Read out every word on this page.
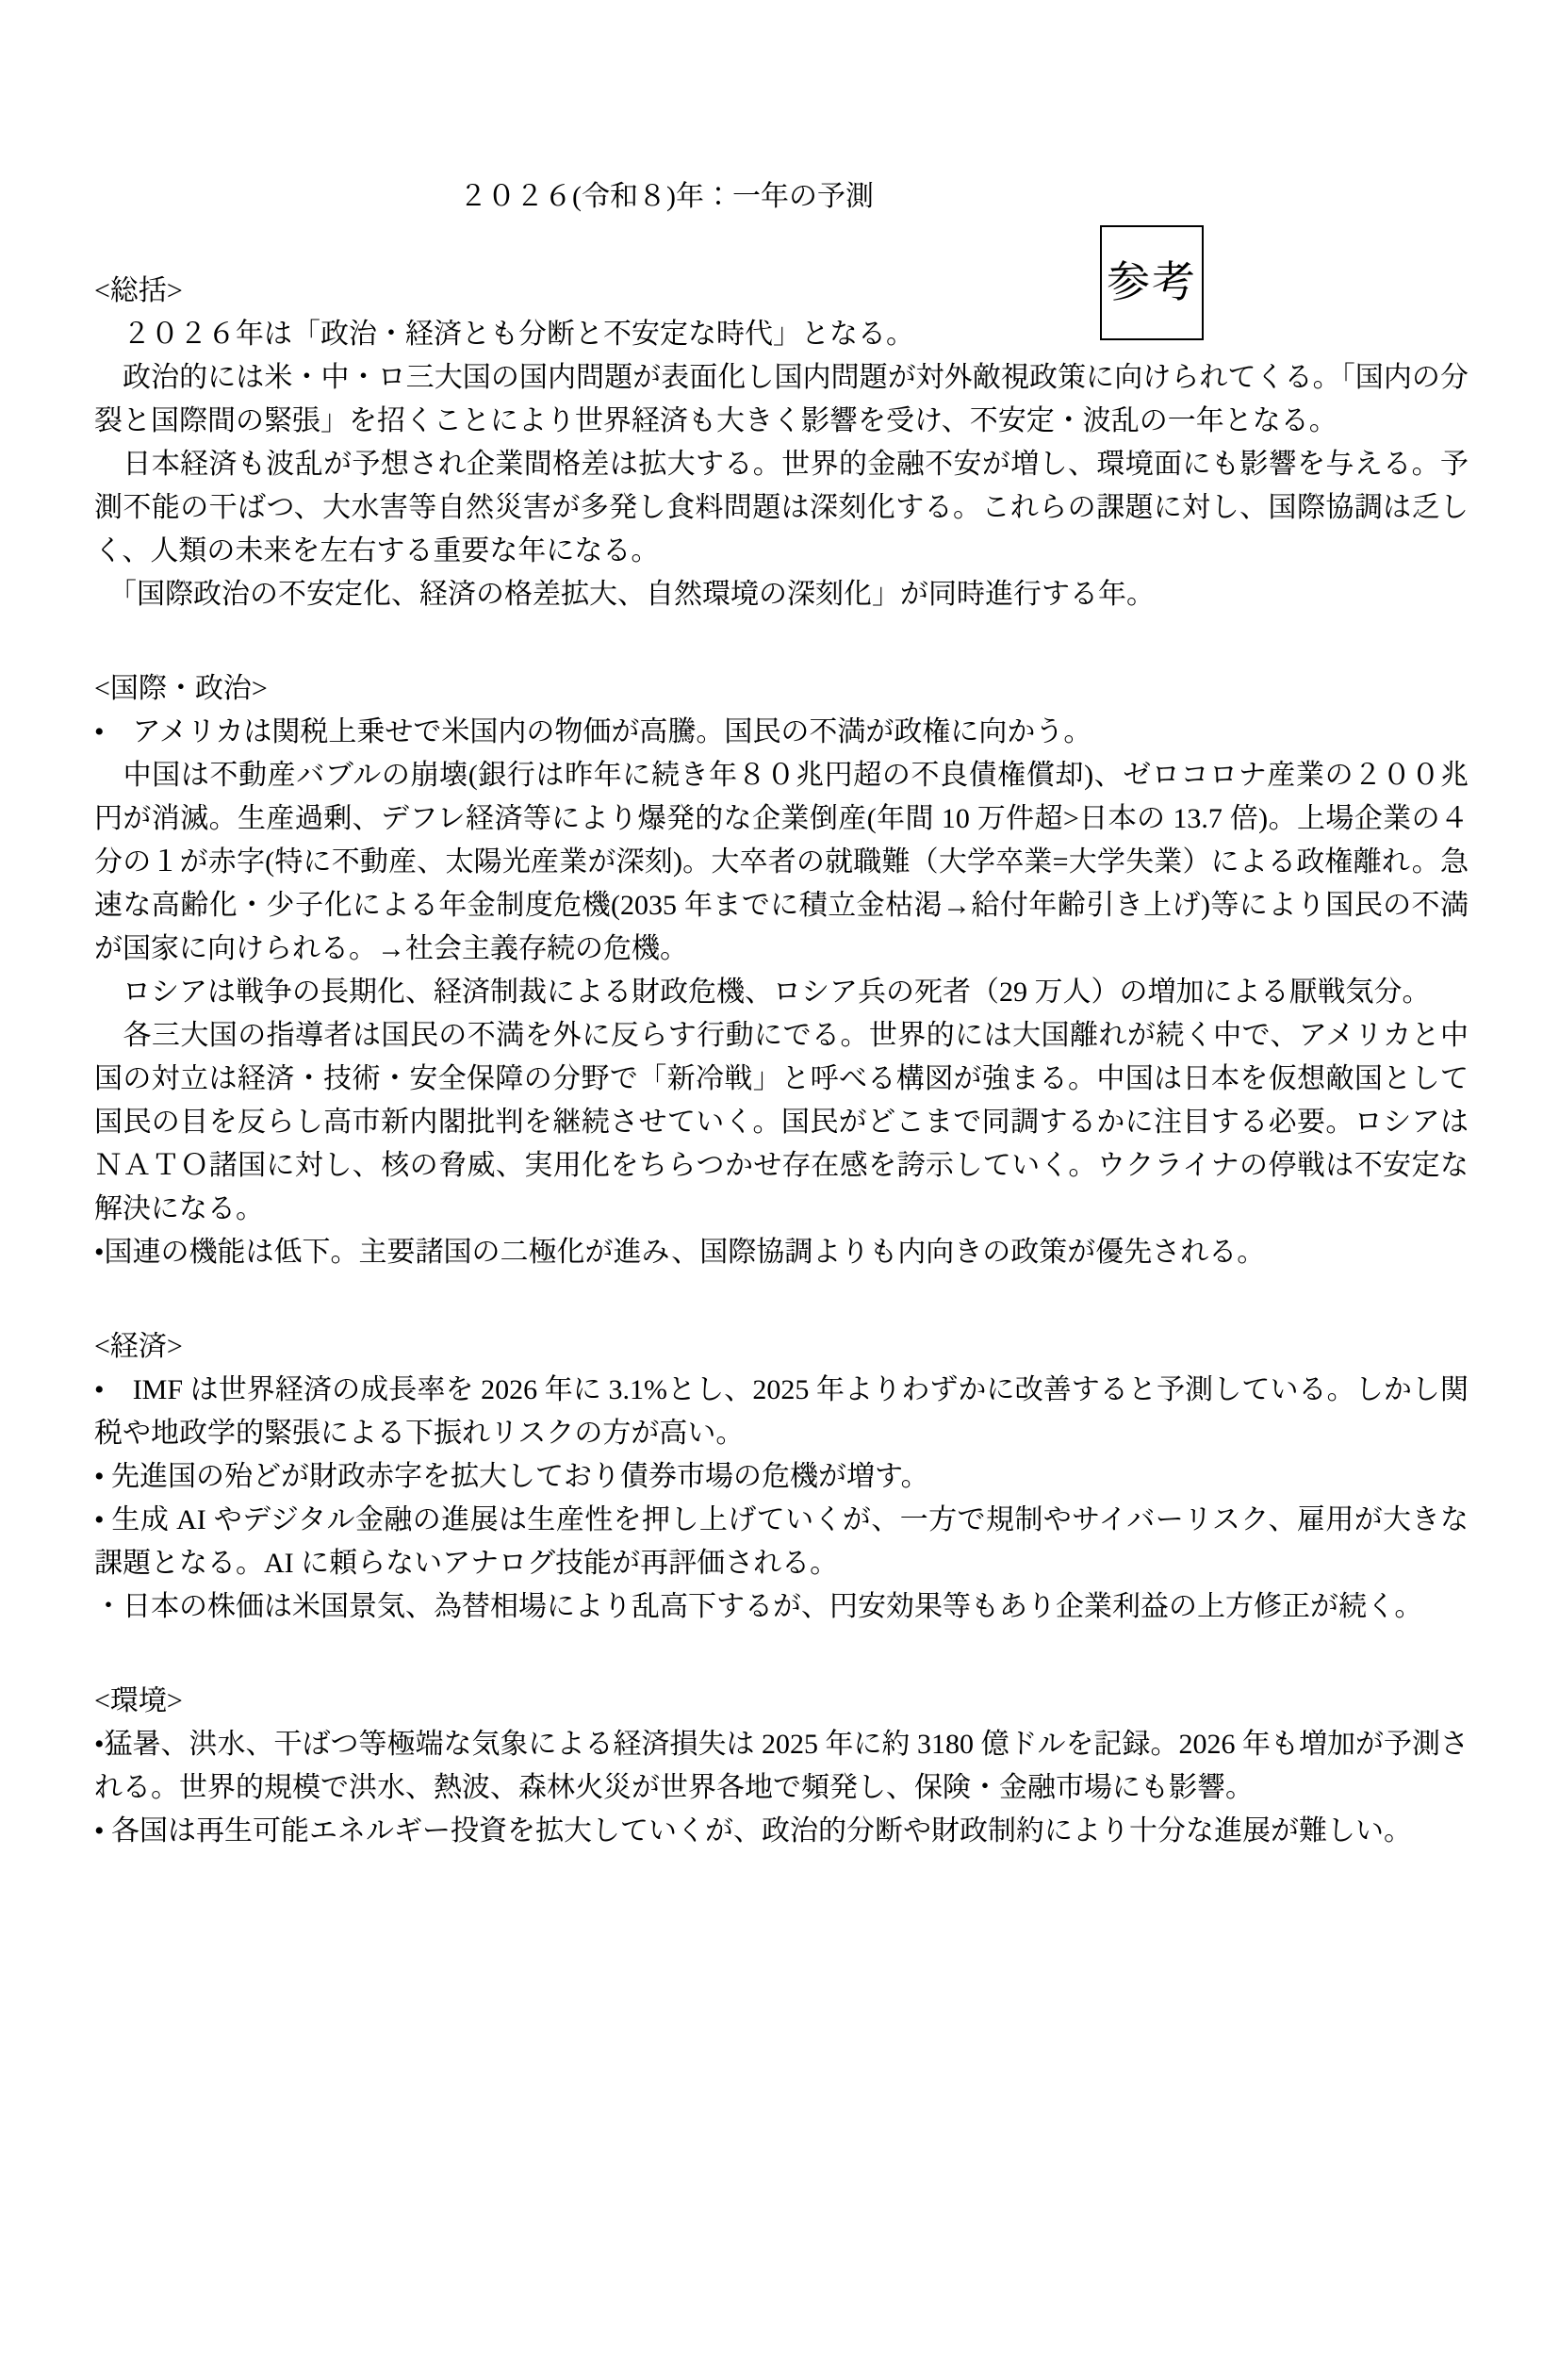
参考
２０２６(令和８)年：一年の予測
<総括>

　２０２６年は「政治・経済とも分断と不安定な時代」となる。

　政治的には米・中・ロ三大国の国内問題が表面化し国内問題が対外敵視政策に向けられてくる。「国内の分裂と国際間の緊張」を招くことにより世界経済も大きく影響を受け、不安定・波乱の一年となる。

　日本経済も波乱が予想され企業間格差は拡大する。世界的金融不安が増し、環境面にも影響を与える。予測不能の干ばつ、大水害等自然災害が多発し食料問題は深刻化する。これらの課題に対し、国際協調は乏しく、人類の未来を左右する重要な年になる。

　「国際政治の不安定化、経済の格差拡大、自然環境の深刻化」が同時進行する年。

<国際・政治>

•　アメリカは関税上乗せで米国内の物価が高騰。国民の不満が政権に向かう。

　中国は不動産バブルの崩壊(銀行は昨年に続き年８０兆円超の不良債権償却)、ゼロコロナ産業の２００兆円が消滅。生産過剰、デフレ経済等により爆発的な企業倒産(年間 10 万件超>日本の 13.7 倍)。上場企業の４分の１が赤字(特に不動産、太陽光産業が深刻)。大卒者の就職難（大学卒業=大学失業）による政権離れ。急速な高齢化・少子化による年金制度危機(2035 年までに積立金枯渇→給付年齢引き上げ)等により国民の不満が国家に向けられる。→社会主義存続の危機。

　ロシアは戦争の長期化、経済制裁による財政危機、ロシア兵の死者（29 万人）の増加による厭戦気分。

　各三大国の指導者は国民の不満を外に反らす行動にでる。世界的には大国離れが続く中で、アメリカと中国の対立は経済・技術・安全保障の分野で「新冷戦」と呼べる構図が強まる。中国は日本を仮想敵国として国民の目を反らし高市新内閣批判を継続させていく。国民がどこまで同調するかに注目する必要。ロシアはＮＡＴＯ諸国に対し、核の脅威、実用化をちらつかせ存在感を誇示していく。ウクライナの停戦は不安定な解決になる。

•国連の機能は低下。主要諸国の二極化が進み、国際協調よりも内向きの政策が優先される。

<経済>

•　IMF は世界経済の成長率を 2026 年に 3.1%とし、2025 年よりわずかに改善すると予測している。しかし関税や地政学的緊張による下振れリスクの方が高い。

• 先進国の殆どが財政赤字を拡大しており債券市場の危機が増す。

• 生成 AI やデジタル金融の進展は生産性を押し上げていくが、一方で規制やサイバーリスク、雇用が大きな課題となる。AI に頼らないアナログ技能が再評価される。

・日本の株価は米国景気、為替相場により乱高下するが、円安効果等もあり企業利益の上方修正が続く。

<環境>

•猛暑、洪水、干ばつ等極端な気象による経済損失は 2025 年に約 3180 億ドルを記録。2026 年も増加が予測される。世界的規模で洪水、熱波、森林火災が世界各地で頻発し、保険・金融市場にも影響。

• 各国は再生可能エネルギー投資を拡大していくが、政治的分断や財政制約により十分な進展が難しい。
